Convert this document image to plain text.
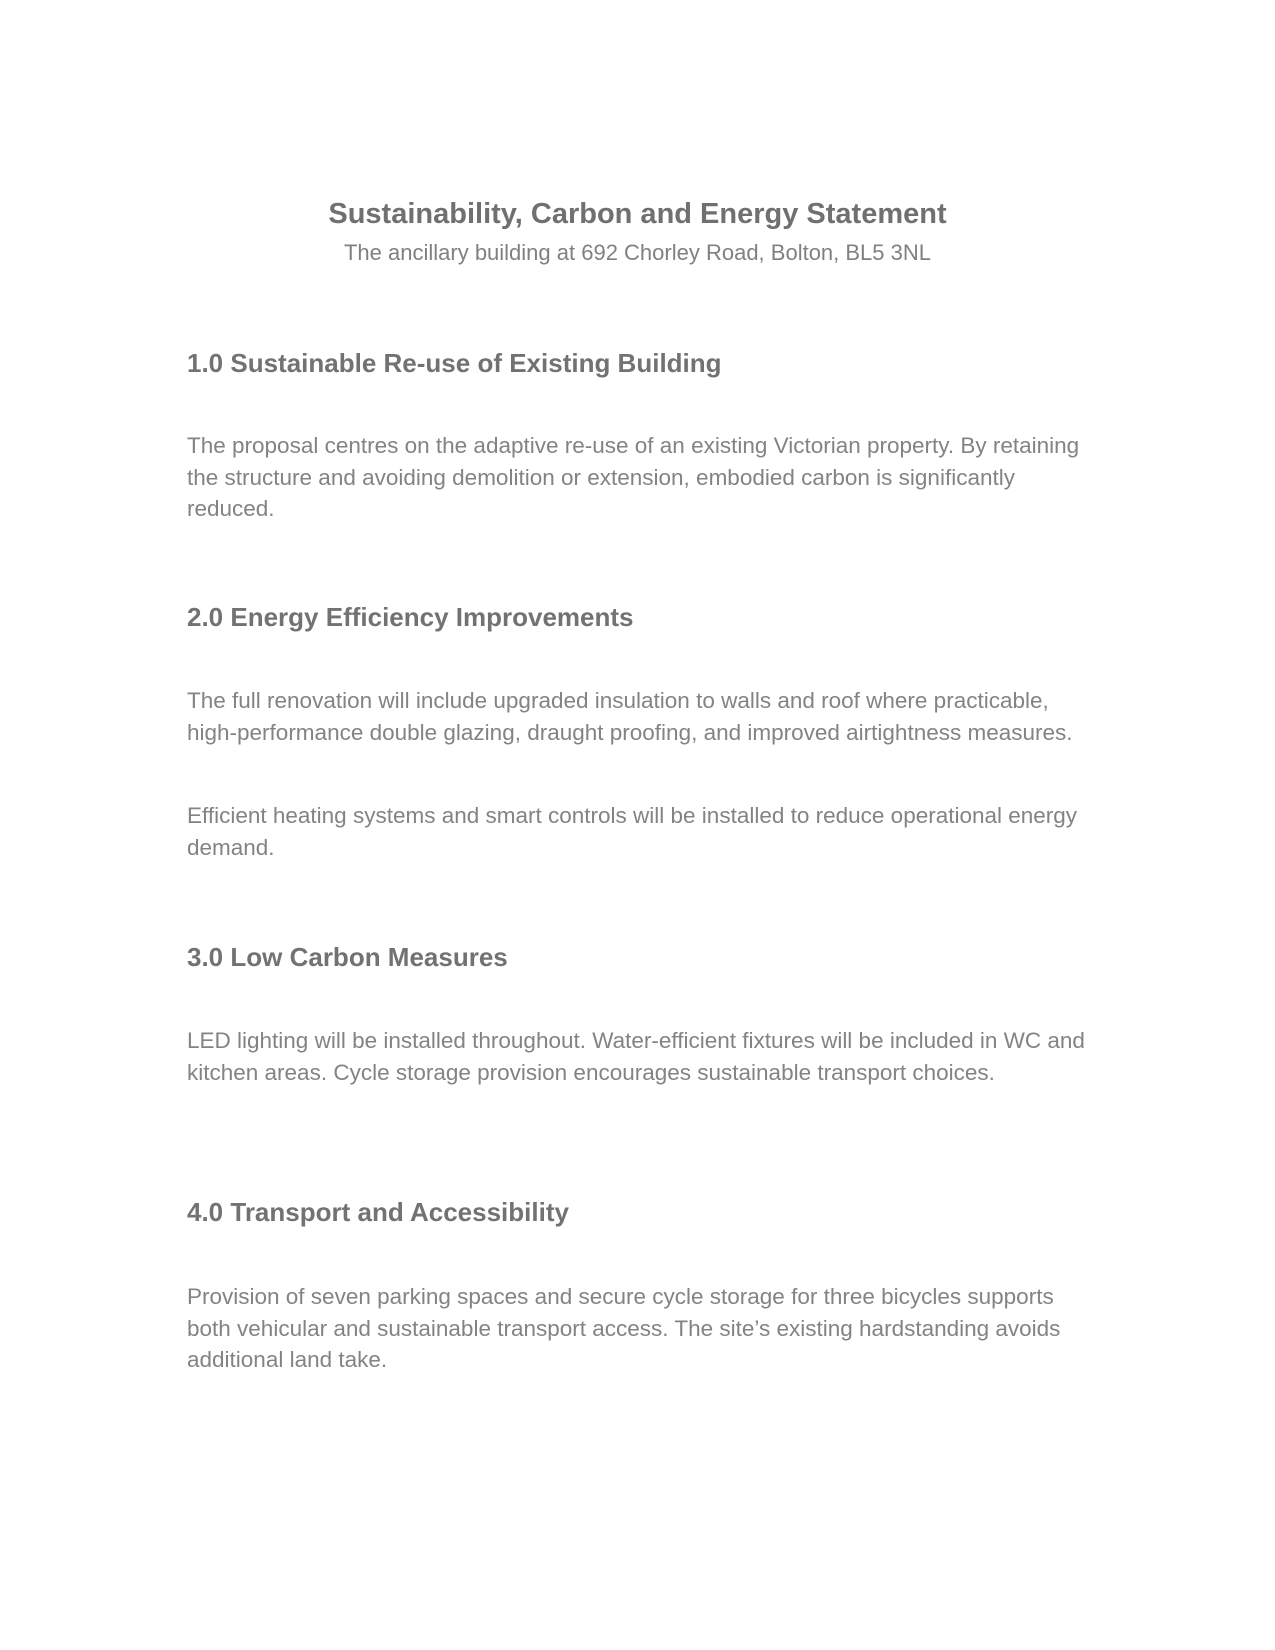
Sustainability, Carbon and Energy Statement
The ancillary building at 692 Chorley Road, Bolton, BL5 3NL
1.0 Sustainable Re-use of Existing Building

The proposal centres on the adaptive re-use of an existing Victorian property. By retaining the structure and avoiding demolition or extension, embodied carbon is significantly reduced.

2.0 Energy Efficiency Improvements

The full renovation will include upgraded insulation to walls and roof where practicable, high-performance double glazing, draught proofing, and improved airtightness measures.

Efficient heating systems and smart controls will be installed to reduce operational energy demand.

3.0 Low Carbon Measures

LED lighting will be installed throughout. Water-efficient fixtures will be included in WC and kitchen areas. Cycle storage provision encourages sustainable transport choices.

4.0 Transport and Accessibility

Provision of seven parking spaces and secure cycle storage for three bicycles supports both vehicular and sustainable transport access. The site’s existing hardstanding avoids additional land take.
